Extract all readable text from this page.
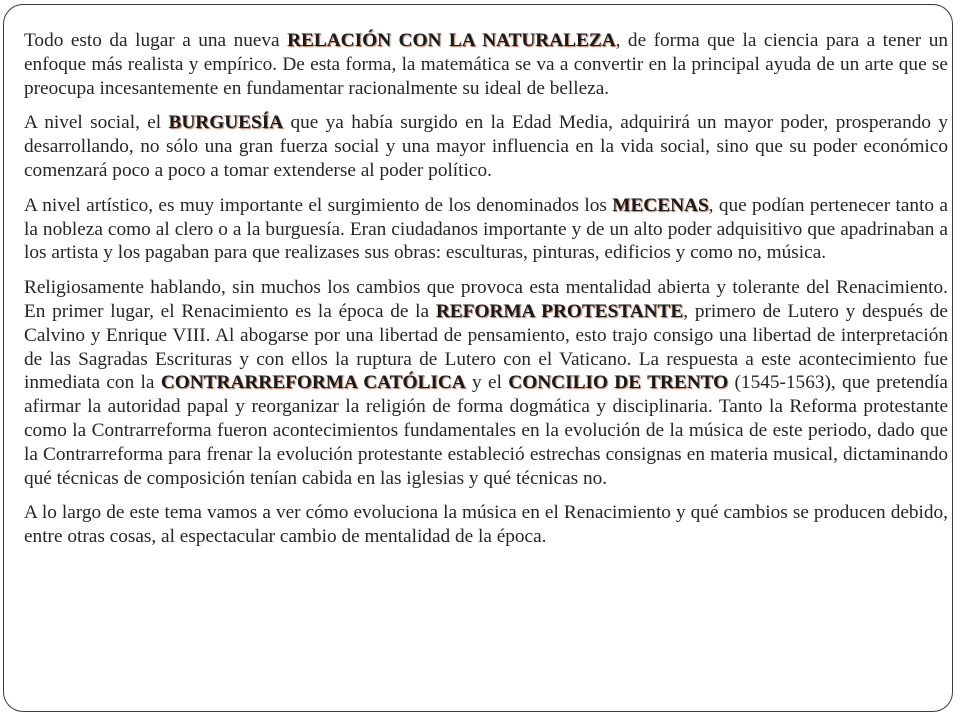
Todo esto da lugar a una nueva RELACIÓN CON LA NATURALEZA, de forma que la ciencia para a tener un enfoque más realista y empírico. De esta forma, la matemática se va a convertir en la principal ayuda de un arte que se preocupa incesantemente en fundamentar racionalmente su ideal de belleza.

A nivel social, el BURGUESÍA que ya había surgido en la Edad Media, adquirirá un mayor poder, prosperando y desarrollando, no sólo una gran fuerza social y una mayor influencia en la vida social, sino que su poder económico comenzará poco a poco a tomar extenderse al poder político.

A nivel artístico, es muy importante el surgimiento de los denominados los MECENAS, que podían pertenecer tanto a la nobleza como al clero o a la burguesía. Eran ciudadanos importante y de un alto poder adquisitivo que apadrinaban a los artista y los pagaban para que realizases sus obras: esculturas, pinturas, edificios y como no, música.

Religiosamente hablando, sin muchos los cambios que provoca esta mentalidad abierta y tolerante del Renacimiento. En primer lugar, el Renacimiento es la época de la REFORMA PROTESTANTE, primero de Lutero y después de Calvino y Enrique VIII. Al abogarse por una libertad de pensamiento, esto trajo consigo una libertad de interpretación de las Sagradas Escrituras y con ellos la ruptura de Lutero con el Vaticano. La respuesta a este acontecimiento fue inmediata con la CONTRARREFORMA CATÓLICA y el CONCILIO DE TRENTO (1545-1563), que pretendía afirmar la autoridad papal y reorganizar la religión de forma dogmática y disciplinaria. Tanto la Reforma protestante como la Contrarreforma fueron acontecimientos fundamentales en la evolución de la música de este periodo, dado que la Contrarreforma para frenar la evolución protestante estableció estrechas consignas en materia musical, dictaminando qué técnicas de composición tenían cabida en las iglesias y qué técnicas no.

A lo largo de este tema vamos a ver cómo evoluciona la música en el Renacimiento y qué cambios se producen debido, entre otras cosas, al espectacular cambio de mentalidad de la época.
